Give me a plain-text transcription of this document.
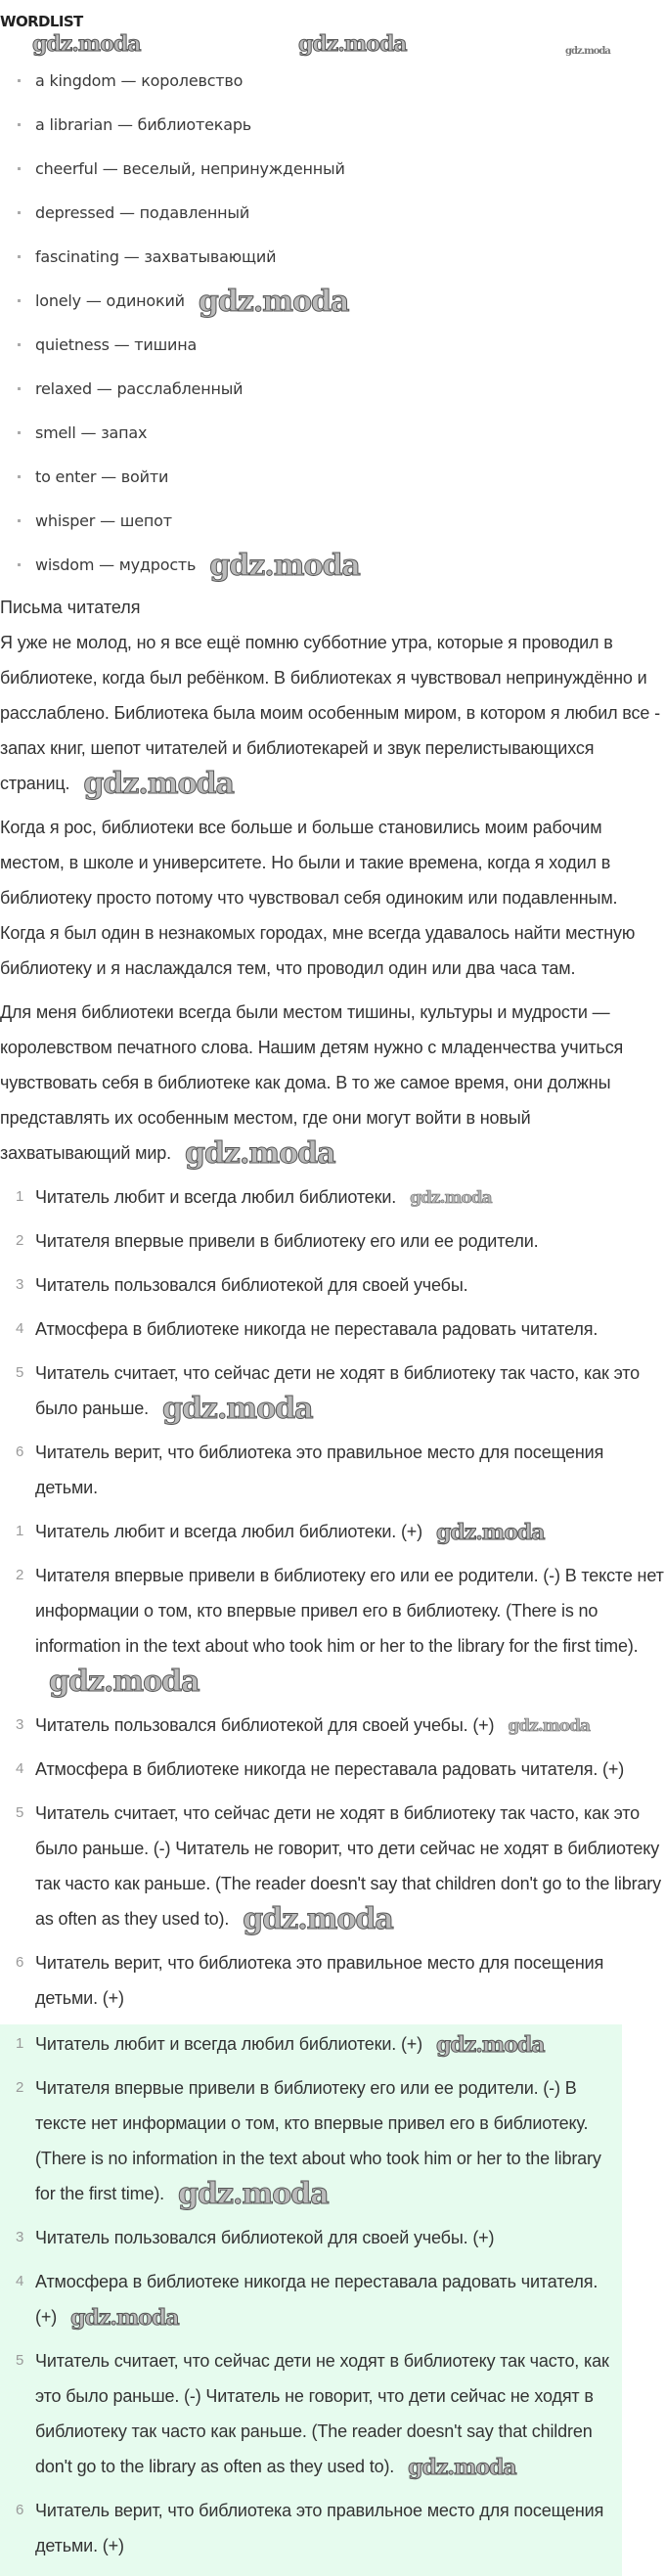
WORDLIST
gdz.moda	gdz.moda	gdz.moda
a kingdom — королевство
a librarian — библиотекарь
cheerful — веселый, непринужденный
depressed — подавленный
fascinating — захватывающий
lonely — одинокий gdz.moda
quietness — тишина
relaxed — расслабленный
smell — запах
to enter — войти
whisper — шепот
wisdom — мудрость gdz.moda
Письма читателя

Я уже не молод, но я все ещё помню субботние утра, которые я проводил в библиотеке, когда был ребёнком. В библиотеках я чувствовал непринуждённо и расслаблено. Библиотека была моим особенным миром, в котором я любил все - запах книг, шепот читателей и библиотекарей и звук перелистывающихся страниц. gdz.moda

Когда я рос, библиотеки все больше и больше становились моим рабочим местом, в школе и университете. Но были и такие времена, когда я ходил в библиотеку просто потому что чувствовал себя одиноким или подавленным. Когда я был один в незнакомых городах, мне всегда удавалось найти местную библиотеку и я наслаждался тем, что проводил один или два часа там.

Для меня библиотеки всегда были местом тишины, культуры и мудрости — королевством печатного слова. Нашим детям нужно с младенчества учиться чувствовать себя в библиотеке как дома. В то же самое время, они должны представлять их особенным местом, где они могут войти в новый захватывающий мир. gdz.moda

1 Читатель любит и всегда любил библиотеки. gdz.moda
2 Читателя впервые привели в библиотеку его или ее родители.
3 Читатель пользовался библиотекой для своей учебы.
4 Атмосфера в библиотеке никогда не переставала радовать читателя.
5 Читатель считает, что сейчас дети не ходят в библиотеку так часто, как это было раньше. gdz.moda
6 Читатель верит, что библиотека это правильное место для посещения детьми.
1 Читатель любит и всегда любил библиотеки. (+) gdz.moda
2 Читателя впервые привели в библиотеку его или ее родители. (-) В тексте нет информации о том, кто впервые привел его в библиотеку. (There is no information in the text about who took him or her to the library for the first time).gdz.moda
3 Читатель пользовался библиотекой для своей учебы. (+) gdz.moda
4 Атмосфера в библиотеке никогда не переставала радовать читателя. (+)
5 Читатель считает, что сейчас дети не ходят в библиотеку так часто, как это было раньше. (-) Читатель не говорит, что дети сейчас не ходят в библиотеку так часто как раньше. (The reader doesn't say that children don't go to the library as often as they used to). gdz.moda
6 Читатель верит, что библиотека это правильное место для посещения детьми. (+)
1 Читатель любит и всегда любил библиотеки. (+) gdz.moda
2 Читателя впервые привели в библиотеку его или ее родители. (-) В тексте нет информации о том, кто впервые привел его в библиотеку. (There is no information in the text about who took him or her to the library for the first time). gdz.moda
3 Читатель пользовался библиотекой для своей учебы. (+)
4 Атмосфера в библиотеке никогда не переставала радовать читателя. (+) gdz.moda
5 Читатель считает, что сейчас дети не ходят в библиотеку так часто, как это было раньше. (-) Читатель не говорит, что дети сейчас не ходят в библиотеку так часто как раньше. (The reader doesn't say that children don't go to the library as often as they used to). gdz.moda
6 Читатель верит, что библиотека это правильное место для посещения детьми. (+)
